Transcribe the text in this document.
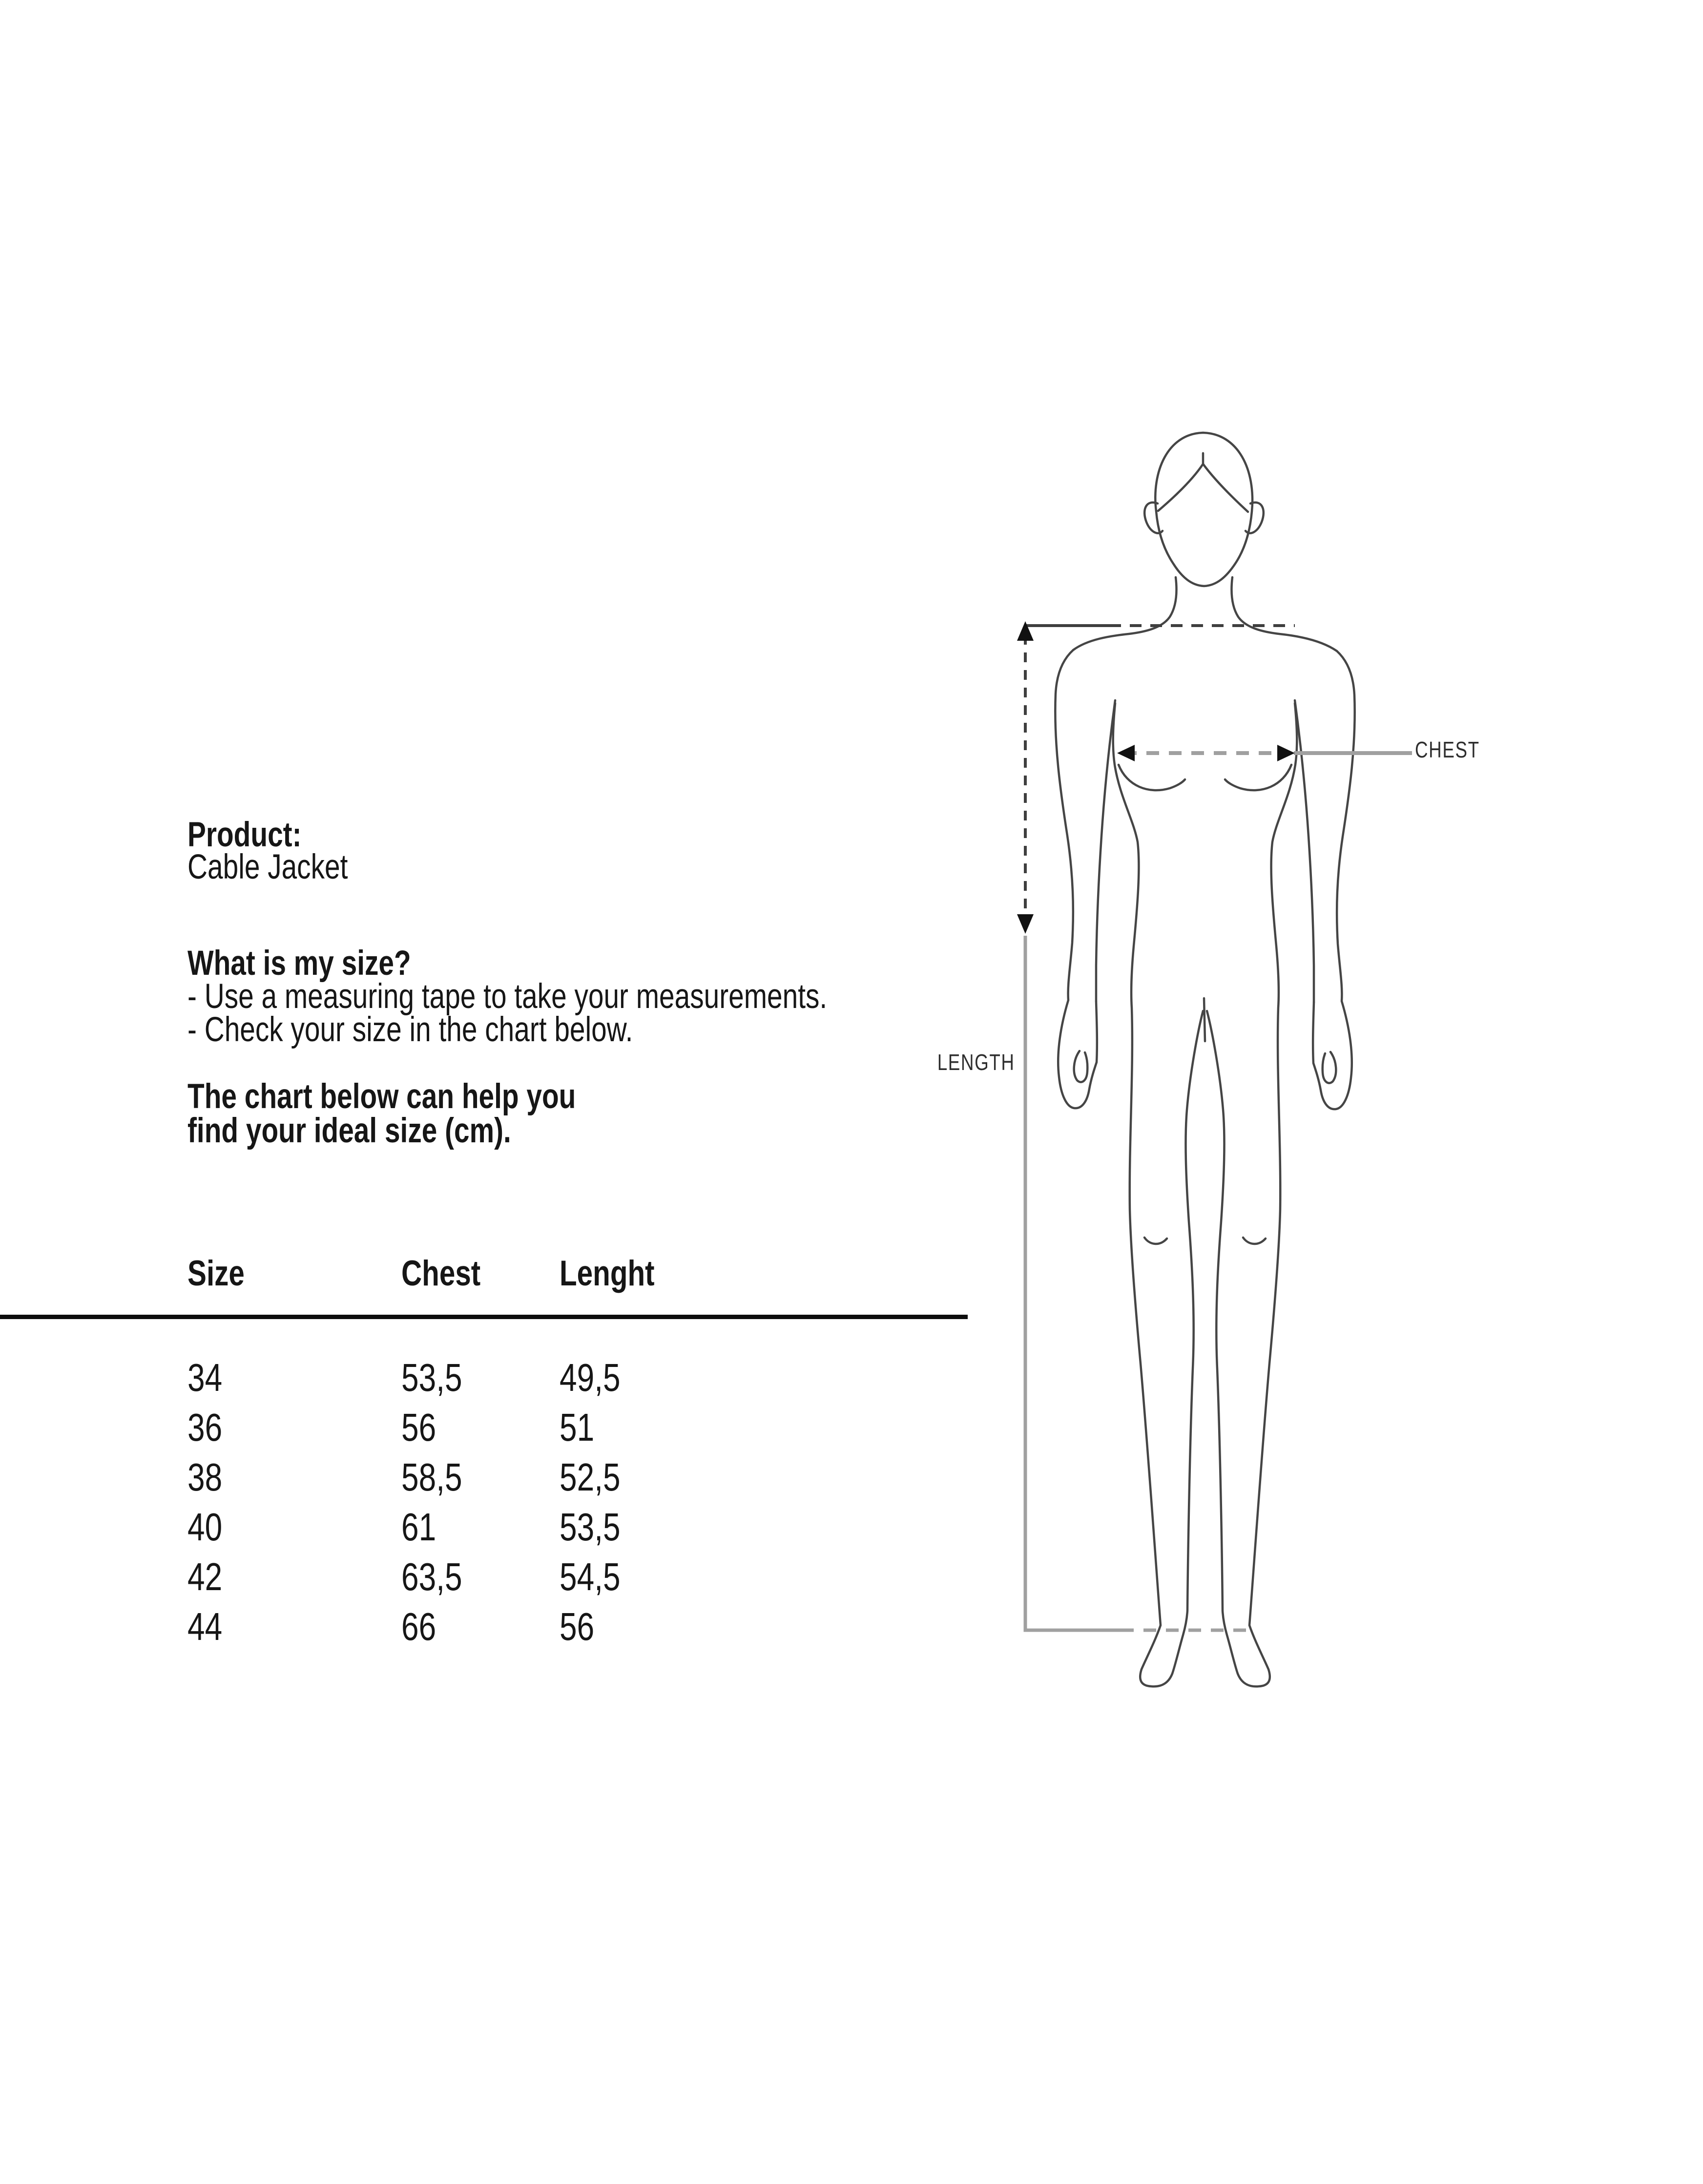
Product:
Cable Jacket
What is my size?
- Use a measuring tape to take your measurements.
- Check your size in the chart below.
The chart below can help you
find your ideal size (cm).
Size	Chest	Lenght
34	53,5	49,5
36	56	51
38	58,5	52,5
40	61	53,5
42	63,5	54,5
44	66	56
CHEST
LENGTH
